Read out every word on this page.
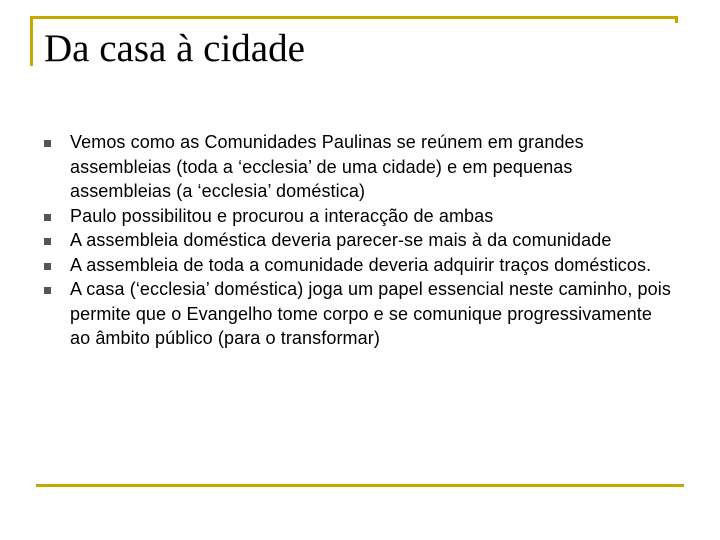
Da casa à cidade
Vemos como as Comunidades Paulinas se reúnem em grandes assembleias (toda a ‘ecclesia’ de uma cidade) e em pequenas assembleias (a ‘ecclesia’ doméstica)
Paulo possibilitou e procurou a interacção de ambas
A assembleia doméstica deveria parecer-se mais à da comunidade
A assembleia de toda a comunidade deveria adquirir traços domésticos.
A casa (‘ecclesia’ doméstica) joga um papel essencial neste caminho, pois permite que o Evangelho tome corpo e se comunique progressivamente ao âmbito público (para o transformar)
